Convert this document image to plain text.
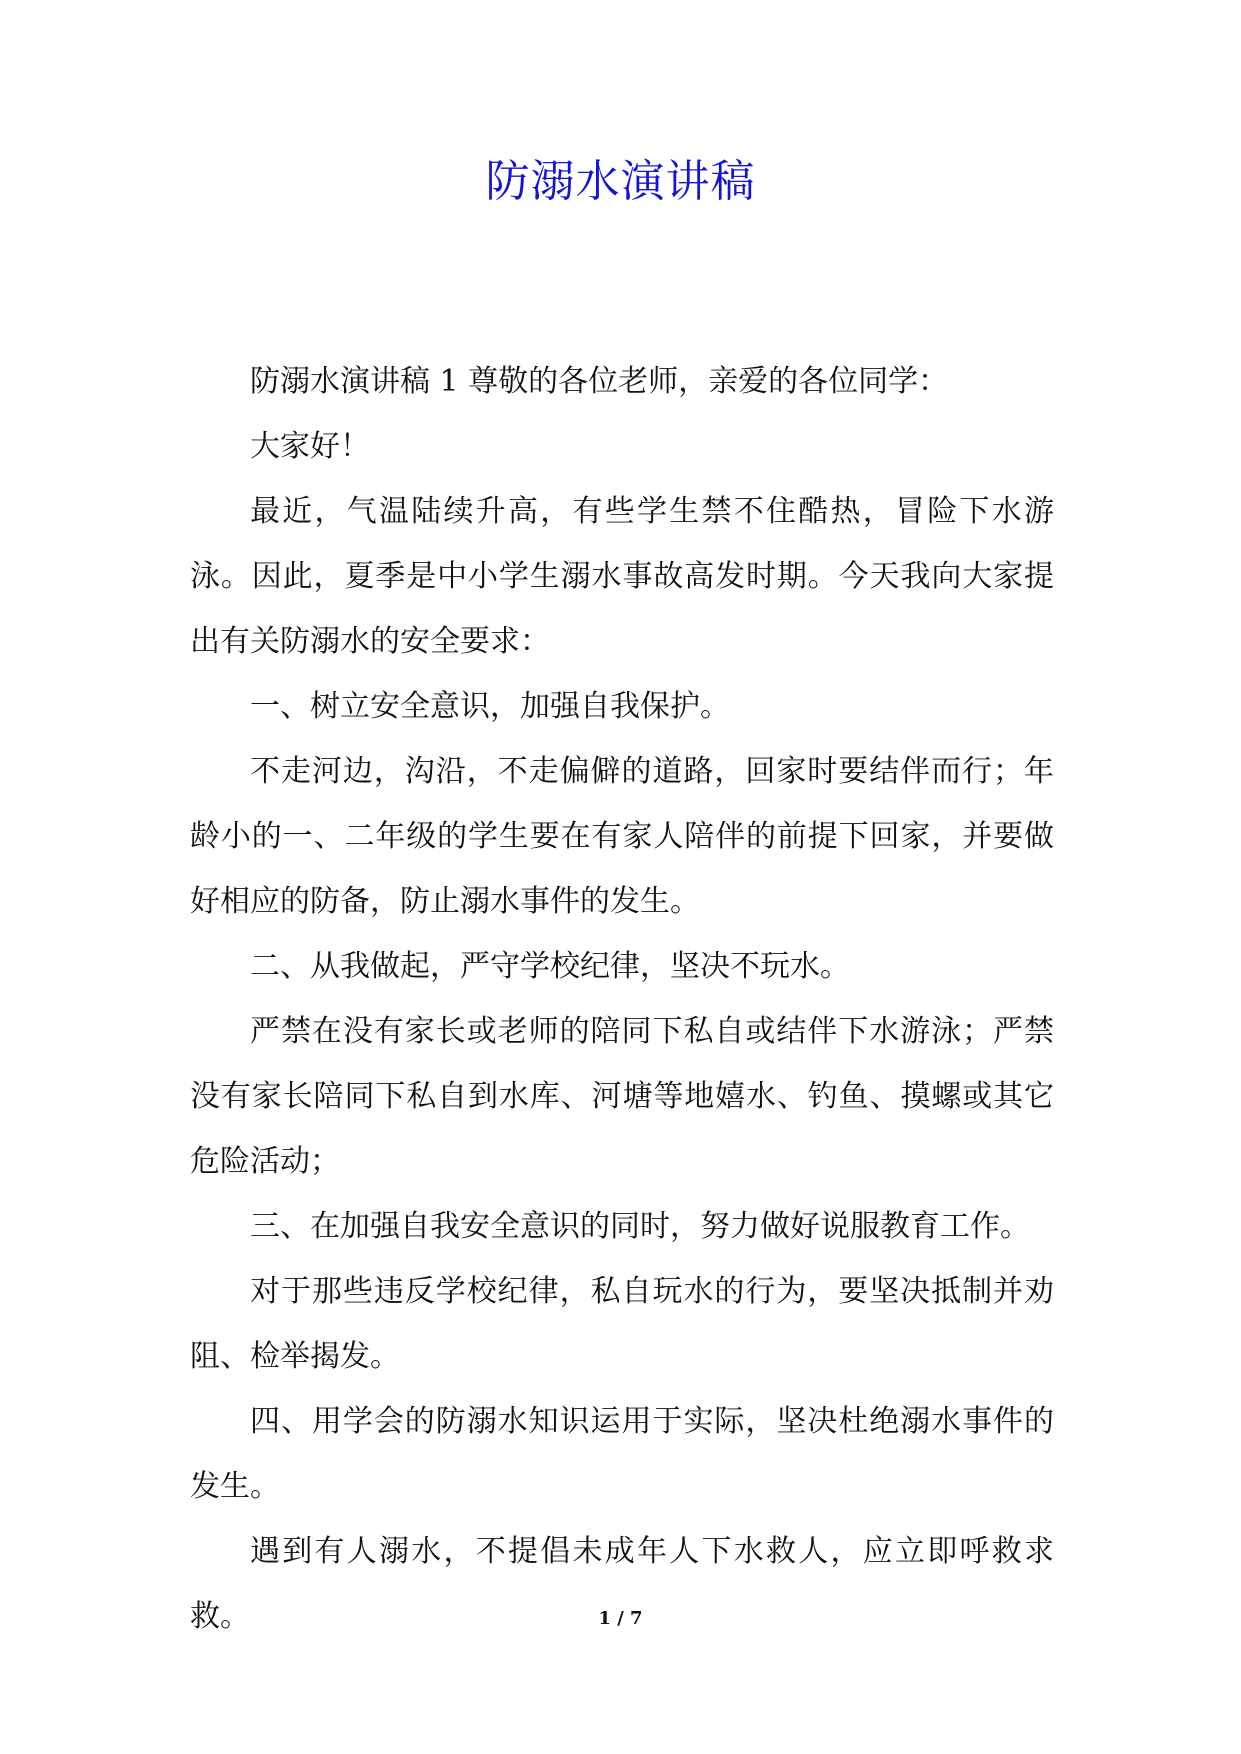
防溺水演讲稿

防溺水演讲稿 1 尊敬的各位老师，亲爱的各位同学：

大家好！

最近，气温陆续升高，有些学生禁不住酷热，冒险下水游泳。因此，夏季是中小学生溺水事故高发时期。今天我向大家提出有关防溺水的安全要求：

一、树立安全意识，加强自我保护。

不走河边，沟沿，不走偏僻的道路，回家时要结伴而行；年龄小的一、二年级的学生要在有家人陪伴的前提下回家，并要做好相应的防备，防止溺水事件的发生。

二、从我做起，严守学校纪律，坚决不玩水。

严禁在没有家长或老师的陪同下私自或结伴下水游泳；严禁没有家长陪同下私自到水库、河塘等地嬉水、钓鱼、摸螺或其它危险活动；

三、在加强自我安全意识的同时，努力做好说服教育工作。

对于那些违反学校纪律，私自玩水的行为，要坚决抵制并劝阻、检举揭发。

四、用学会的防溺水知识运用于实际，坚决杜绝溺水事件的发生。

遇到有人溺水，不提倡未成年人下水救人，应立即呼救求救。	1 / 7
